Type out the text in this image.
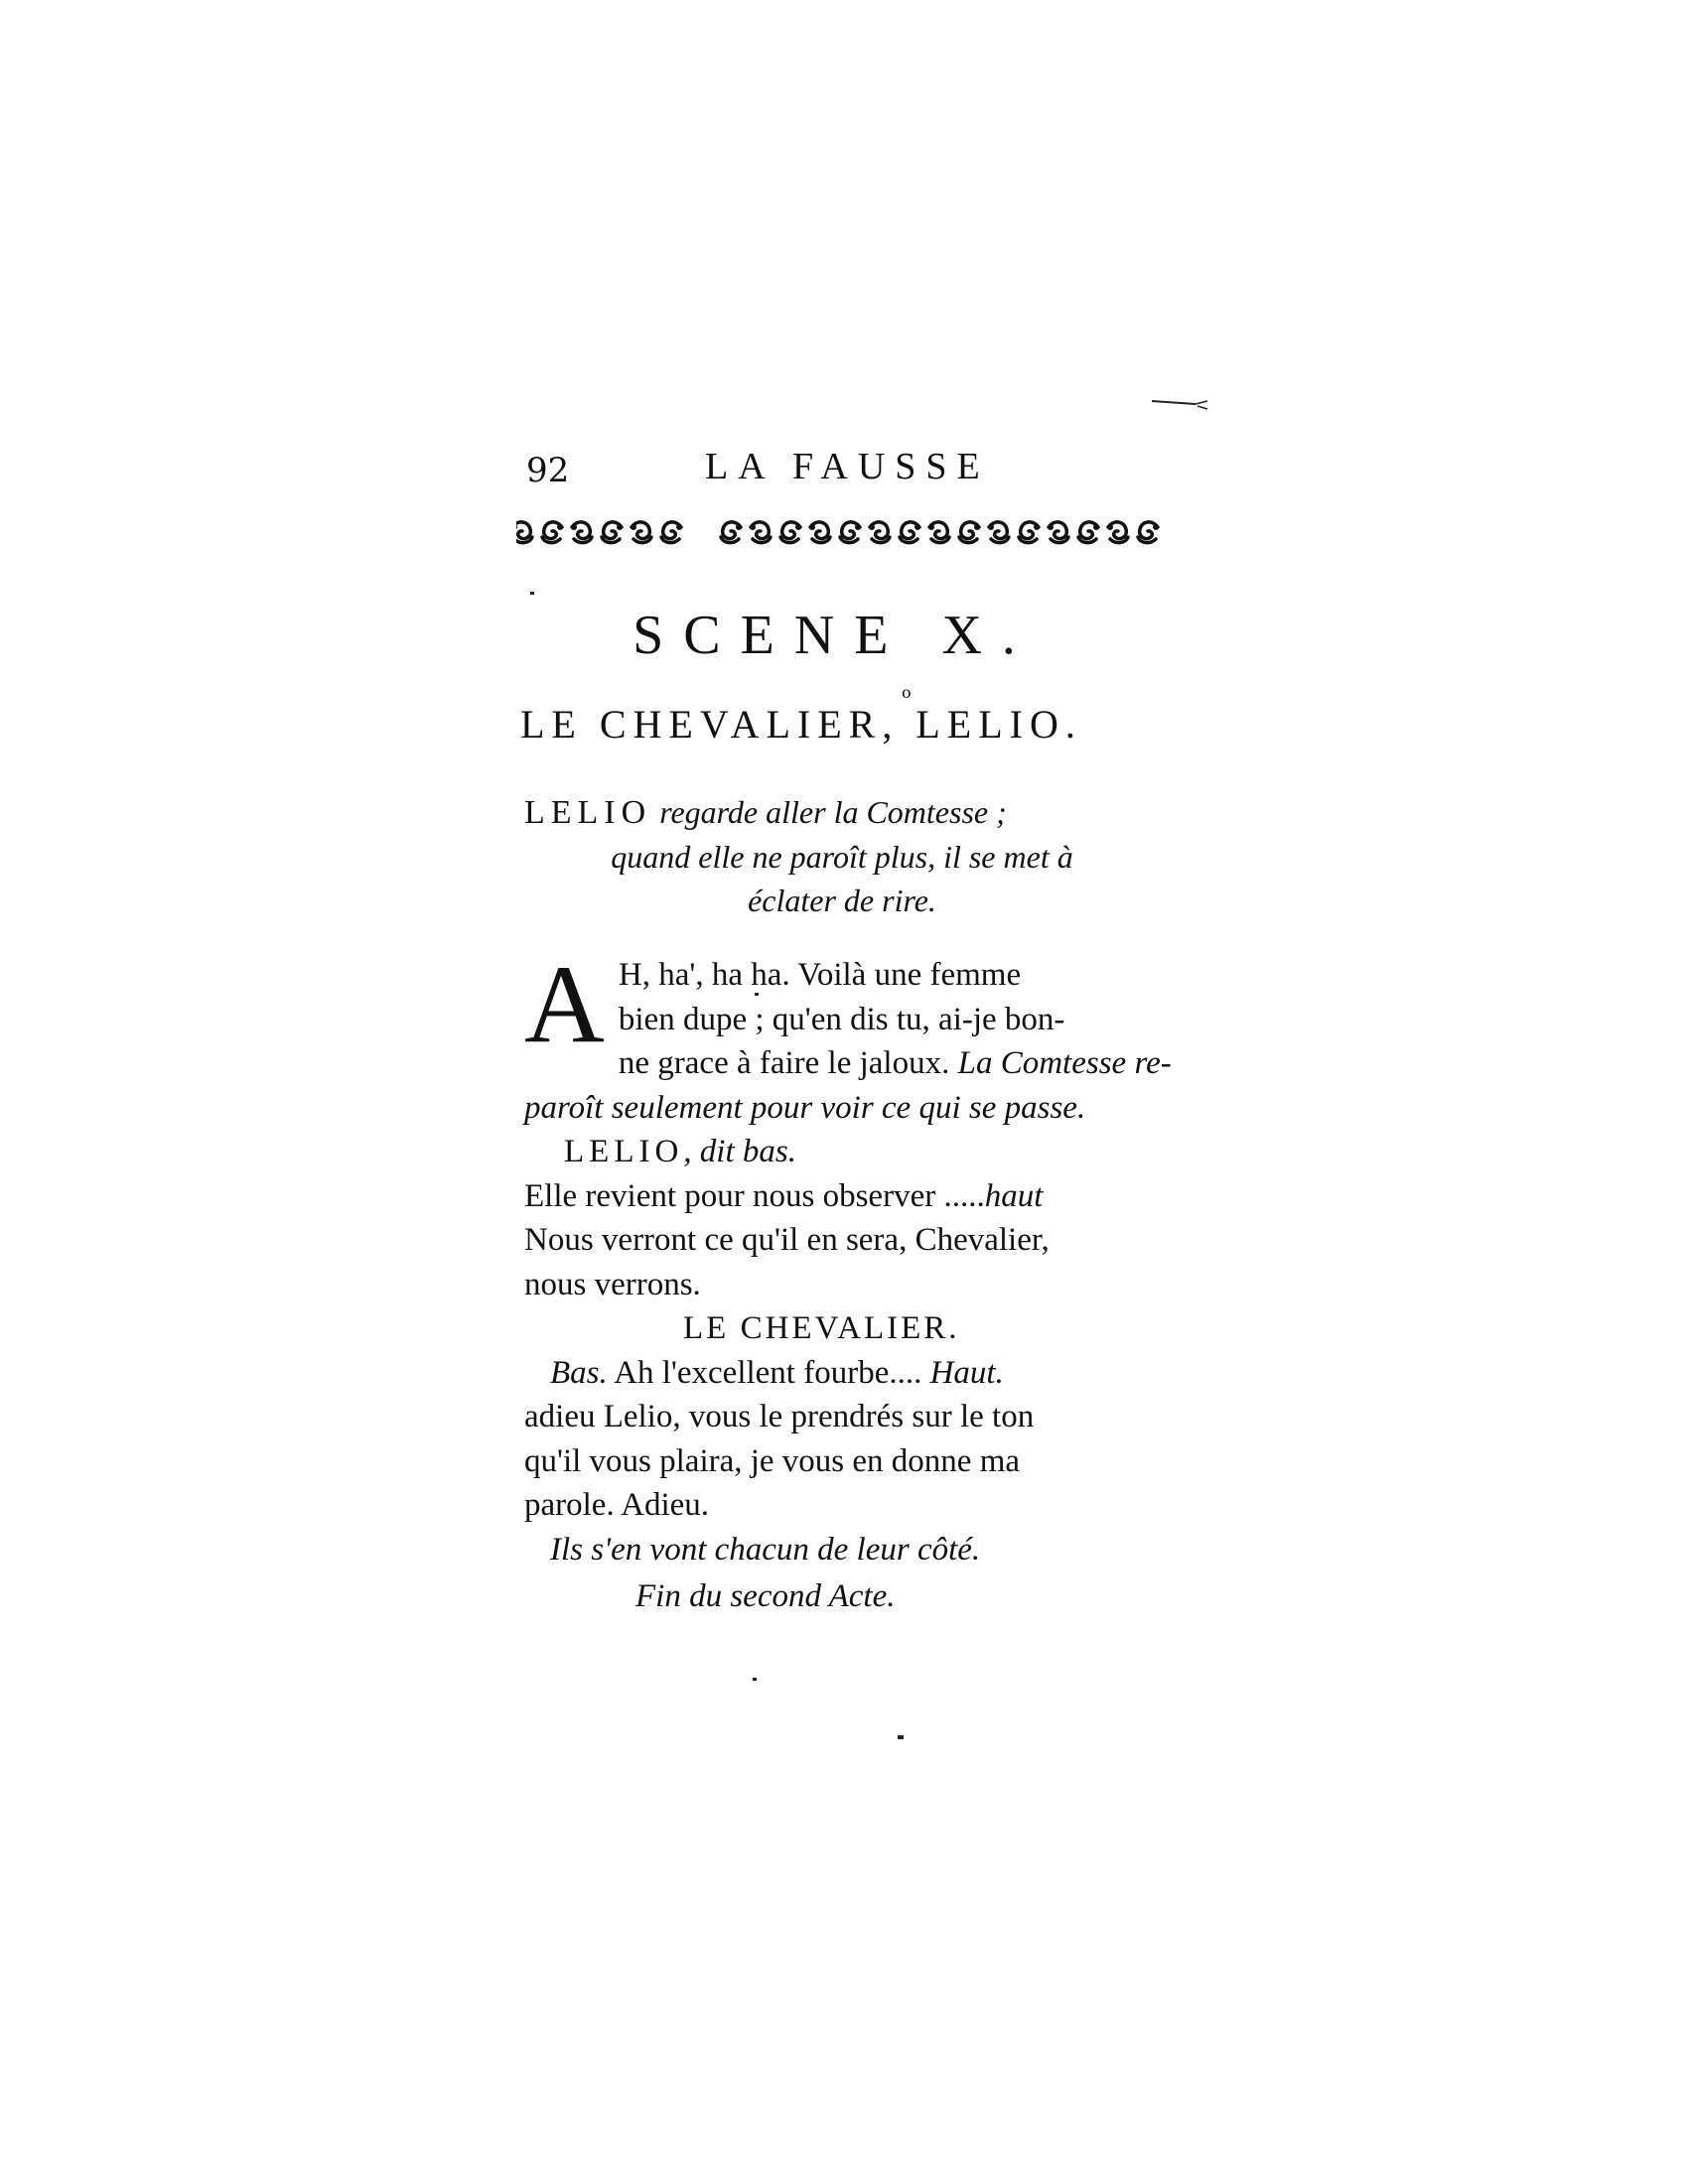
92	LA FAUSSE
SCENE X.
o
LE CHEVALIER, LELIO.
LELIO regarde aller la Comtesse ;
quand elle ne paroît plus, il se met à
éclater de rire.
A H, ha', ha ha. Voilà une femme
bien dupe ; qu'en dis tu, ai-je bon-
ne grace à faire le jaloux. La Comtesse re-
paroît seulement pour voir ce qui se passe.
LELIO, dit bas.
Elle revient pour nous observer .....haut
Nous verront ce qu'il en sera, Chevalier,
nous verrons.
LE CHEVALIER.
Bas. Ah l'excellent fourbe.... Haut.
adieu Lelio, vous le prendrés sur le ton
qu'il vous plaira, je vous en donne ma
parole. Adieu.
Ils s'en vont chacun de leur côté.
Fin du second Acte.
